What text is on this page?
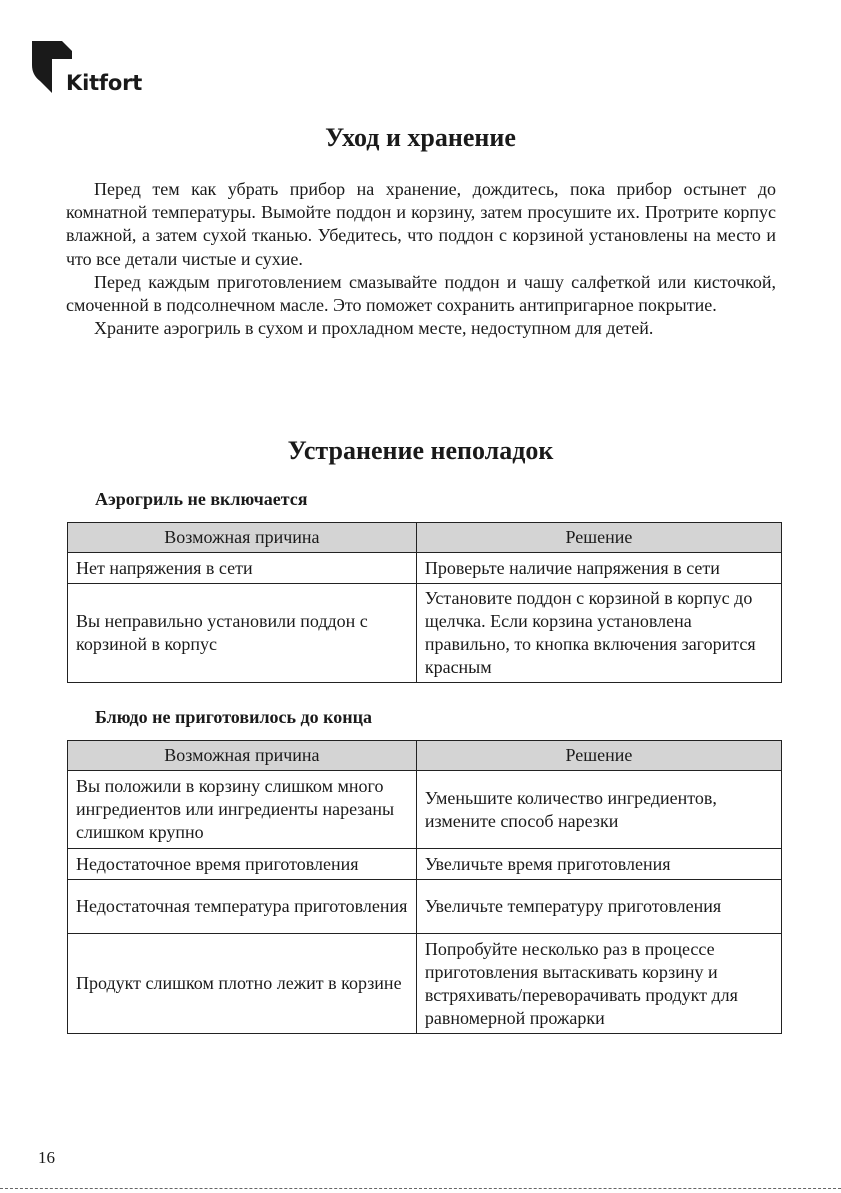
Kitfort
Уход и хранение

Перед тем как убрать прибор на хранение, дождитесь, пока прибор остынет до комнатной температуры. Вымойте поддон и корзину, затем просушите их. Протрите корпус влажной, а затем сухой тканью. Убедитесь, что поддон с корзиной установлены на место и что все детали чистые и сухие.

Перед каждым приготовлением смазывайте поддон и чашу салфеткой или кисточкой, смоченной в подсолнечном масле. Это поможет сохранить антипригарное покрытие.

Храните аэрогриль в сухом и прохладном месте, недоступном для детей.

Устранение неполадок
Аэрогриль не включается
Возможная причина	Решение
Нет напряжения в сети	Проверьте наличие напряжения в сети
Вы неправильно установили поддон с корзиной в корпус	Установите поддон с корзиной в корпус до щелчка. Если корзина установлена правильно, то кнопка включения загорится красным
Блюдо не приготовилось до конца
Возможная причина	Решение
Вы положили в корзину слишком много ингредиентов или ингредиенты нарезаны слишком крупно	Уменьшите количество ингредиентов, измените способ нарезки
Недостаточное время приготовления	Увеличьте время приготовления
Недостаточная температура приготовления	Увеличьте температуру приготовления
Продукт слишком плотно лежит в корзине	Попробуйте несколько раз в процессе приготовления вытаскивать корзину и встряхивать/переворачивать продукт для равномерной прожарки
16
